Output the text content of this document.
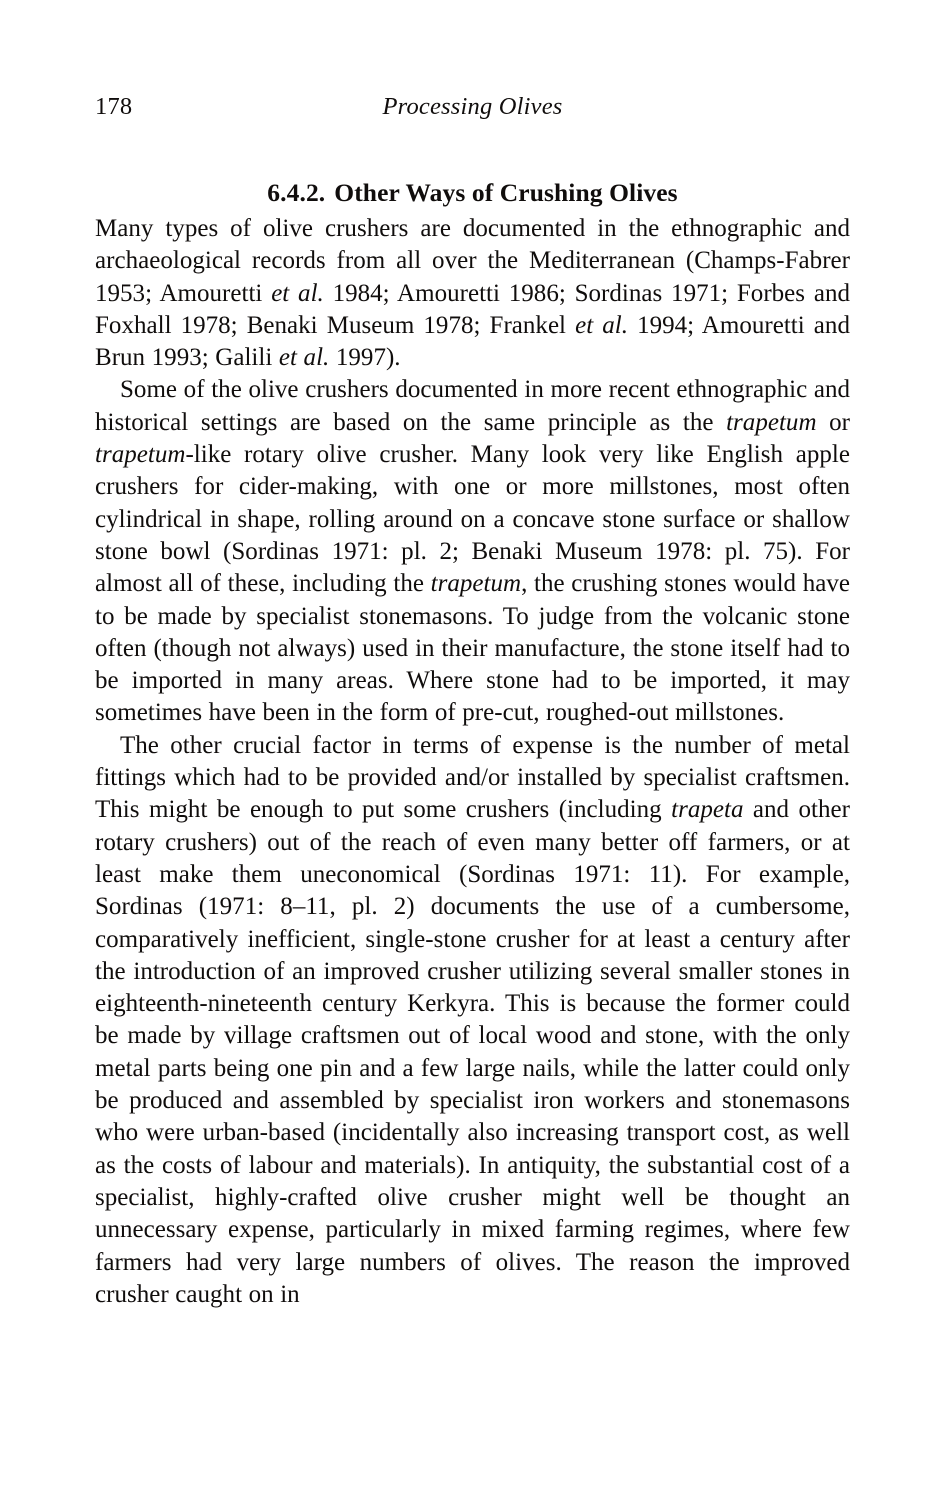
178	Processing Olives
6.4.2. Other Ways of Crushing Olives

Many types of olive crushers are documented in the ethnographic and archaeological records from all over the Mediterranean (Champs-Fabrer 1953; Amouretti et al. 1984; Amouretti 1986; Sordinas 1971; Forbes and Foxhall 1978; Benaki Museum 1978; Frankel et al. 1994; Amouretti and Brun 1993; Galili et al. 1997).

Some of the olive crushers documented in more recent ethnographic and historical settings are based on the same principle as the trapetum or trapetum-like rotary olive crusher. Many look very like English apple crushers for cider-making, with one or more millstones, most often cylindrical in shape, rolling around on a concave stone surface or shallow stone bowl (Sordinas 1971: pl. 2; Benaki Museum 1978: pl. 75). For almost all of these, including the trapetum, the crushing stones would have to be made by specialist stonemasons. To judge from the volcanic stone often (though not always) used in their manufacture, the stone itself had to be imported in many areas. Where stone had to be imported, it may sometimes have been in the form of pre-cut, roughed-out millstones.

The other crucial factor in terms of expense is the number of metal fittings which had to be provided and/or installed by specialist craftsmen. This might be enough to put some crushers (including trapeta and other rotary crushers) out of the reach of even many better off farmers, or at least make them uneconomical (Sordinas 1971: 11). For example, Sordinas (1971: 8–11, pl. 2) documents the use of a cumbersome, comparatively inefficient, single-stone crusher for at least a century after the introduction of an improved crusher utilizing several smaller stones in eighteenth-nineteenth century Kerkyra. This is because the former could be made by village craftsmen out of local wood and stone, with the only metal parts being one pin and a few large nails, while the latter could only be produced and assembled by specialist iron workers and stonemasons who were urban-based (incidentally also increasing transport cost, as well as the costs of labour and materials). In antiquity, the substantial cost of a specialist, highly-crafted olive crusher might well be thought an unnecessary expense, particularly in mixed farming regimes, where few farmers had very large numbers of olives. The reason the improved crusher caught on in
